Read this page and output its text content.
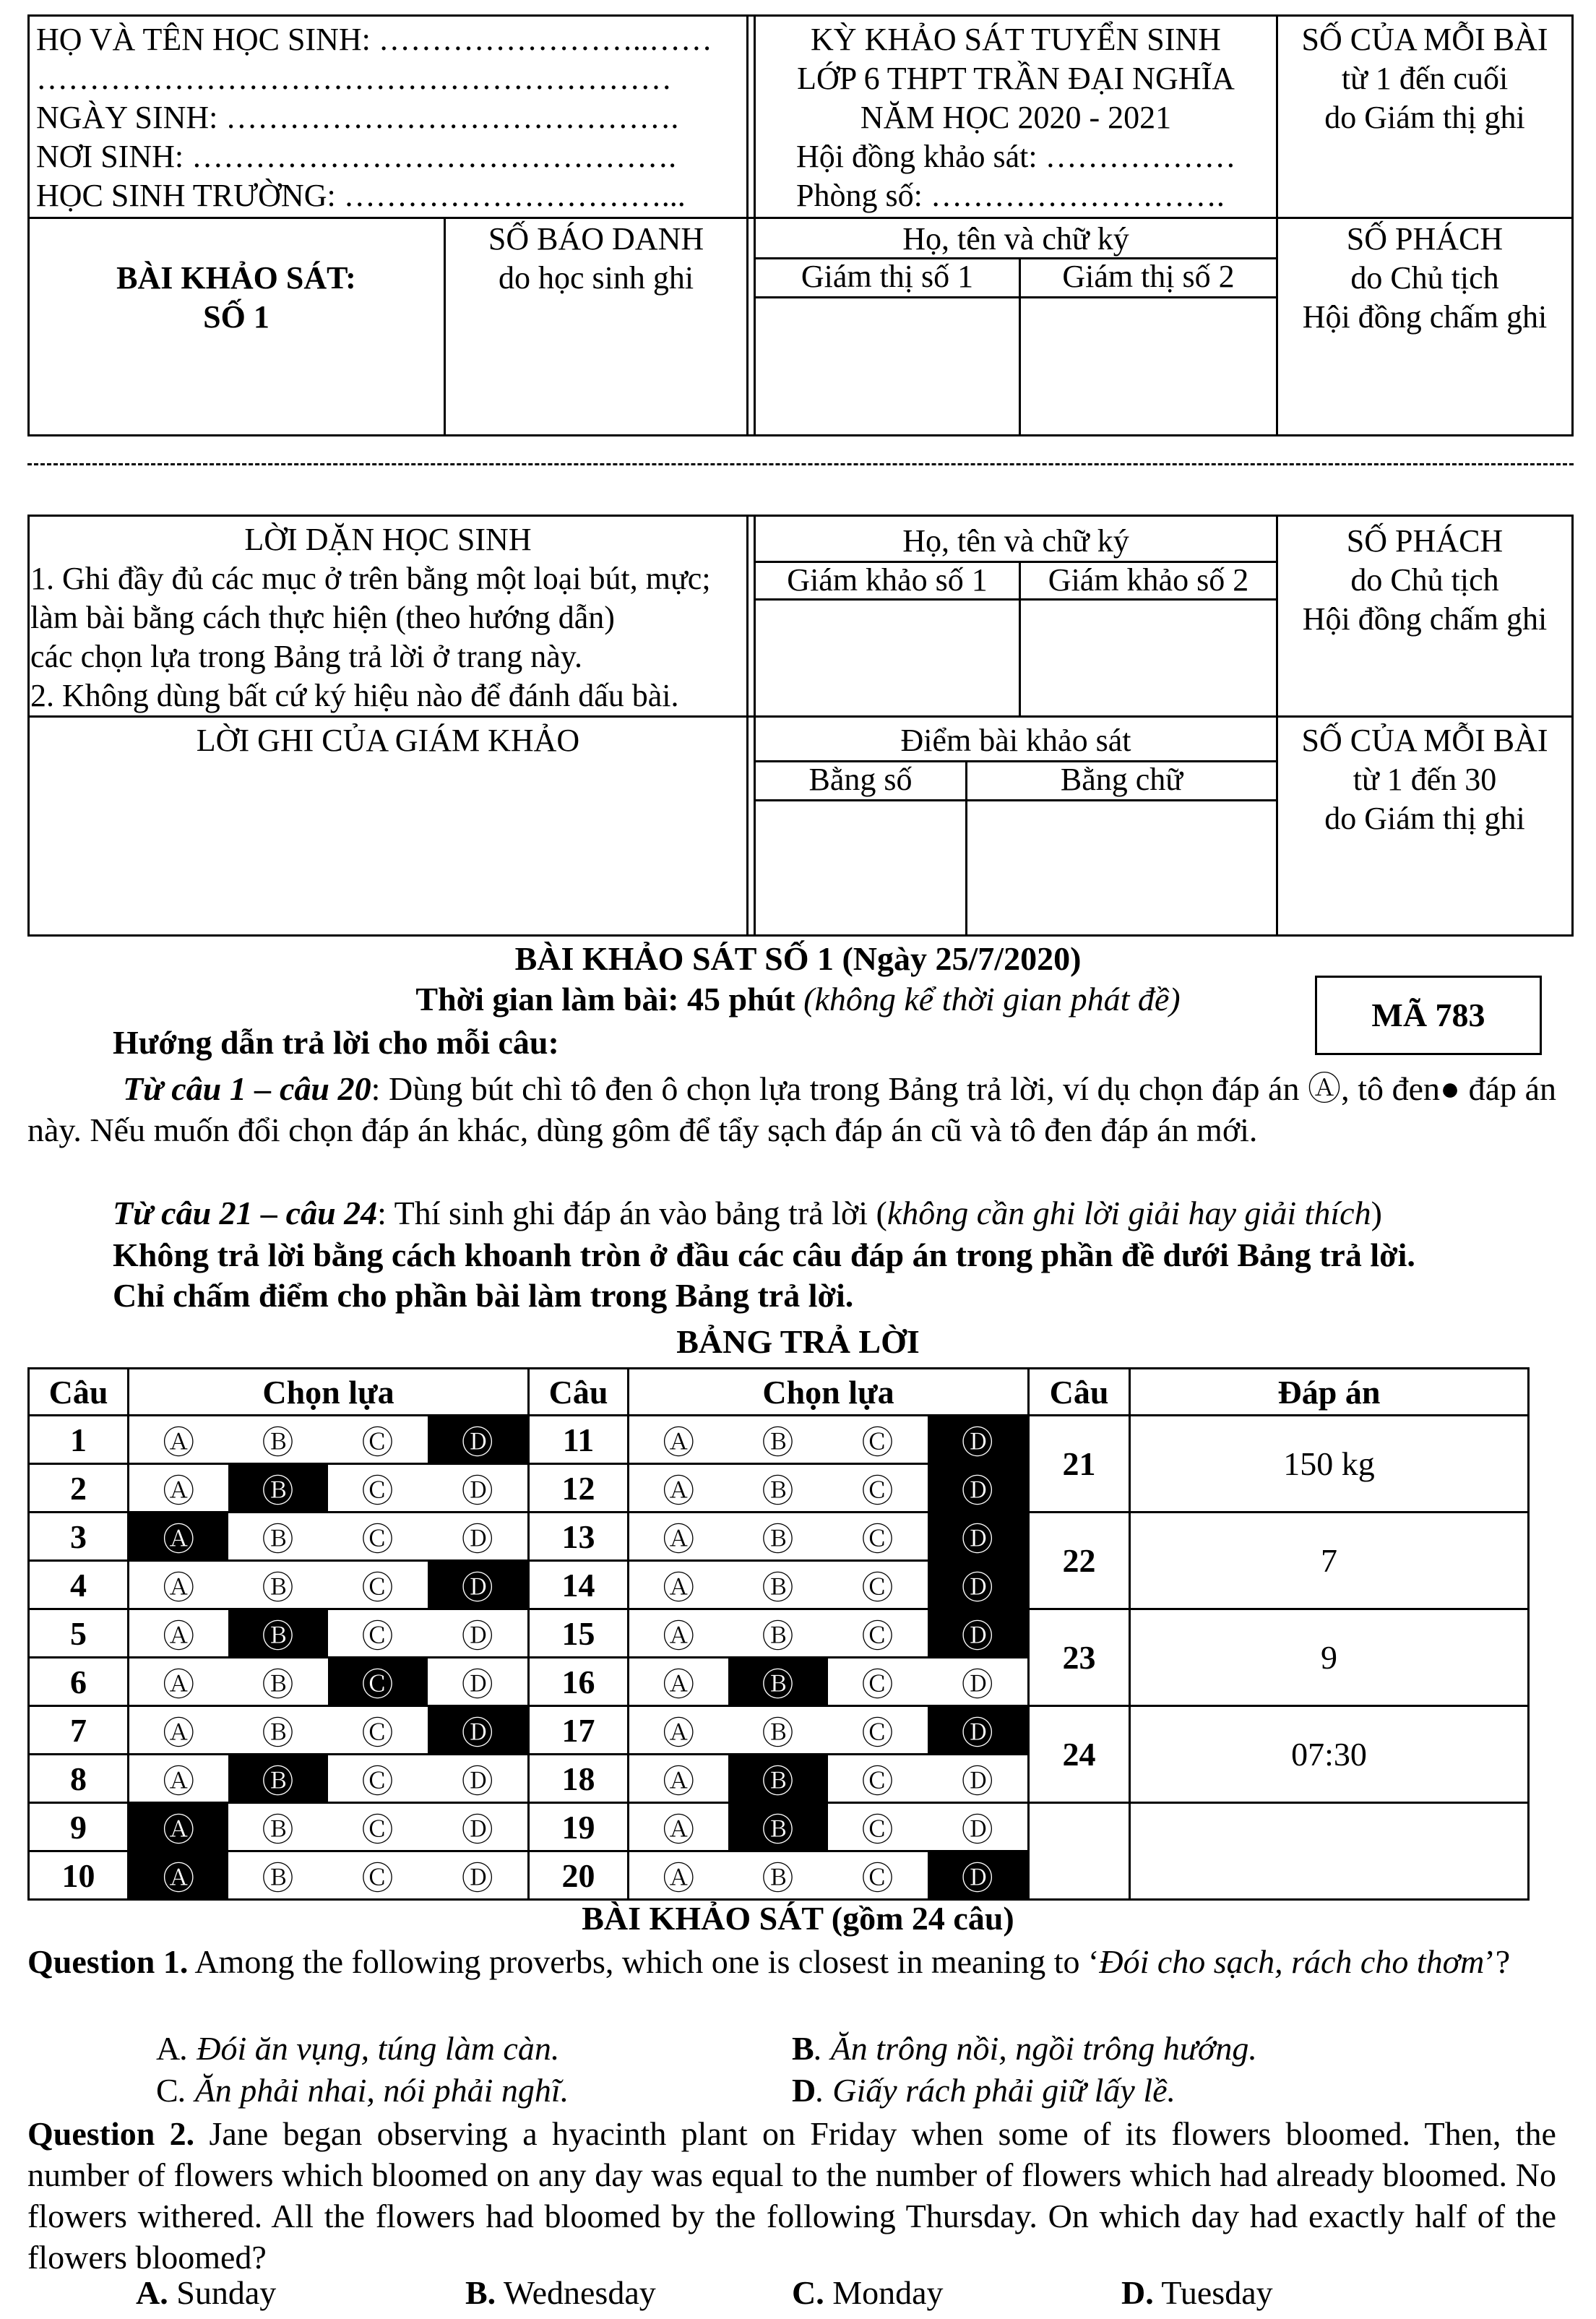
HỌ VÀ TÊN HỌC SINH: ……………………..……
……………………………………………………
NGÀY SINH: …………………………………….
NƠI SINH: ……………………………………….
HỌC SINH TRƯỜNG: …………………………...
KỲ KHẢO SÁT TUYỂN SINH
LỚP 6 THPT TRẦN ĐẠI NGHĨA
NĂM HỌC 2020 - 2021
Hội đồng khảo sát: ………………
Phòng số: ……………………….
SỐ CỦA MỖI BÀI
từ 1 đến cuối
do Giám thị ghi
BÀI KHẢO SÁT:
SỐ 1
SỐ BÁO DANH
do học sinh ghi
Họ, tên và chữ ký
Giám thị số 1	Giám thị số 2
SỐ PHÁCH
do Chủ tịch
Hội đồng chấm ghi
LỜI DẶN HỌC SINH
1. Ghi đầy đủ các mục ở trên bằng một loại bút, mực;
làm bài bằng cách thực hiện (theo hướng dẫn)
các chọn lựa trong Bảng trả lời ở trang này.
2. Không dùng bất cứ ký hiệu nào để đánh dấu bài.
Họ, tên và chữ ký
Giám khảo số 1	Giám khảo số 2
SỐ PHÁCH
do Chủ tịch
Hội đồng chấm ghi
LỜI GHI CỦA GIÁM KHẢO	Điểm bài khảo sát
Bằng số	Bằng chữ
SỐ CỦA MỖI BÀI
từ 1 đến 30
do Giám thị ghi
BÀI KHẢO SÁT SỐ 1 (Ngày 25/7/2020)
Thời gian làm bài: 45 phút (không kể thời gian phát đề)	MÃ 783
Hướng dẫn trả lời cho mỗi câu:
Từ câu 1 – câu 20: Dùng bút chì tô đen ô chọn lựa trong Bảng trả lời, ví dụ chọn đáp án Ⓐ, tô đen● đáp án này. Nếu muốn đổi chọn đáp án khác, dùng gôm để tẩy sạch đáp án cũ và tô đen đáp án mới.
Từ câu 21 – câu 24: Thí sinh ghi đáp án vào bảng trả lời (không cần ghi lời giải hay giải thích)
Không trả lời bằng cách khoanh tròn ở đầu các câu đáp án trong phần đề dưới Bảng trả lời.
Chỉ chấm điểm cho phần bài làm trong Bảng trả lời.
BẢNG TRẢ LỜI
Câu	Chọn lựa				Câu	Chọn lựa				Câu	Đáp án
1	Ⓐ	Ⓑ	Ⓒ	Ⓓ	11	Ⓐ	Ⓑ	Ⓒ	Ⓓ	21	150 kg
2	Ⓐ	Ⓑ	Ⓒ	Ⓓ	12	Ⓐ	Ⓑ	Ⓒ	Ⓓ		
3	Ⓐ	Ⓑ	Ⓒ	Ⓓ	13	Ⓐ	Ⓑ	Ⓒ	Ⓓ	22	7
4	Ⓐ	Ⓑ	Ⓒ	Ⓓ	14	Ⓐ	Ⓑ	Ⓒ	Ⓓ		
5	Ⓐ	Ⓑ	Ⓒ	Ⓓ	15	Ⓐ	Ⓑ	Ⓒ	Ⓓ	23	9
6	Ⓐ	Ⓑ	Ⓒ	Ⓓ	16	Ⓐ	Ⓑ	Ⓒ	Ⓓ		
7	Ⓐ	Ⓑ	Ⓒ	Ⓓ	17	Ⓐ	Ⓑ	Ⓒ	Ⓓ	24	07:30
8	Ⓐ	Ⓑ	Ⓒ	Ⓓ	18	Ⓐ	Ⓑ	Ⓒ	Ⓓ		
9	Ⓐ	Ⓑ	Ⓒ	Ⓓ	19	Ⓐ	Ⓑ	Ⓒ	Ⓓ		
10	Ⓐ	Ⓑ	Ⓒ	Ⓓ	20	Ⓐ	Ⓑ	Ⓒ	Ⓓ		
BÀI KHẢO SÁT (gồm 24 câu)
Question 1. Among the following proverbs, which one is closest in meaning to ‘Đói cho sạch, rách cho thơm’?
A. Đói ăn vụng, túng làm càn.	B. Ăn trông nồi, ngồi trông hướng.
C. Ăn phải nhai, nói phải nghĩ.	D. Giấy rách phải giữ lấy lề.
Question 2. Jane began observing a hyacinth plant on Friday when some of its flowers bloomed. Then, the number of flowers which bloomed on any day was equal to the number of flowers which had already bloomed. No flowers withered. All the flowers had bloomed by the following Thursday. On which day had exactly half of the flowers bloomed?
A. Sunday	B. Wednesday	C. Monday	D. Tuesday
